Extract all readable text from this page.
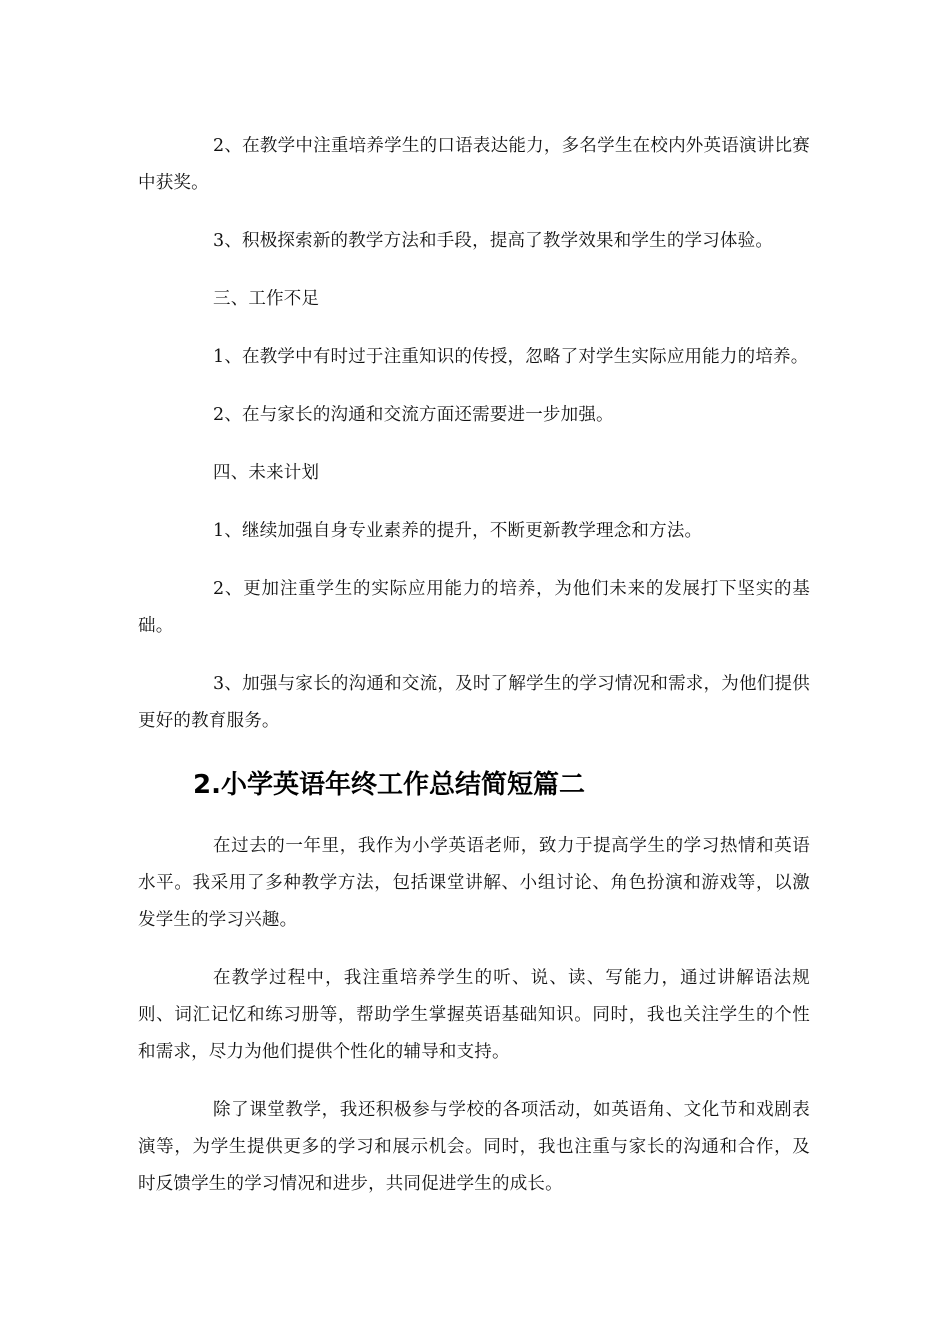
2、在教学中注重培养学生的口语表达能力，多名学生在校内外英语演讲比赛中获奖。

3、积极探索新的教学方法和手段，提高了教学效果和学生的学习体验。

三、工作不足

1、在教学中有时过于注重知识的传授，忽略了对学生实际应用能力的培养。

2、在与家长的沟通和交流方面还需要进一步加强。

四、未来计划

1、继续加强自身专业素养的提升，不断更新教学理念和方法。

2、更加注重学生的实际应用能力的培养，为他们未来的发展打下坚实的基础。

3、加强与家长的沟通和交流，及时了解学生的学习情况和需求，为他们提供更好的教育服务。

2.小学英语年终工作总结简短篇二

在过去的一年里，我作为小学英语老师，致力于提高学生的学习热情和英语水平。我采用了多种教学方法，包括课堂讲解、小组讨论、角色扮演和游戏等，以激发学生的学习兴趣。

在教学过程中，我注重培养学生的听、说、读、写能力，通过讲解语法规则、词汇记忆和练习册等，帮助学生掌握英语基础知识。同时，我也关注学生的个性和需求，尽力为他们提供个性化的辅导和支持。

除了课堂教学，我还积极参与学校的各项活动，如英语角、文化节和戏剧表演等，为学生提供更多的学习和展示机会。同时，我也注重与家长的沟通和合作，及时反馈学生的学习情况和进步，共同促进学生的成长。
